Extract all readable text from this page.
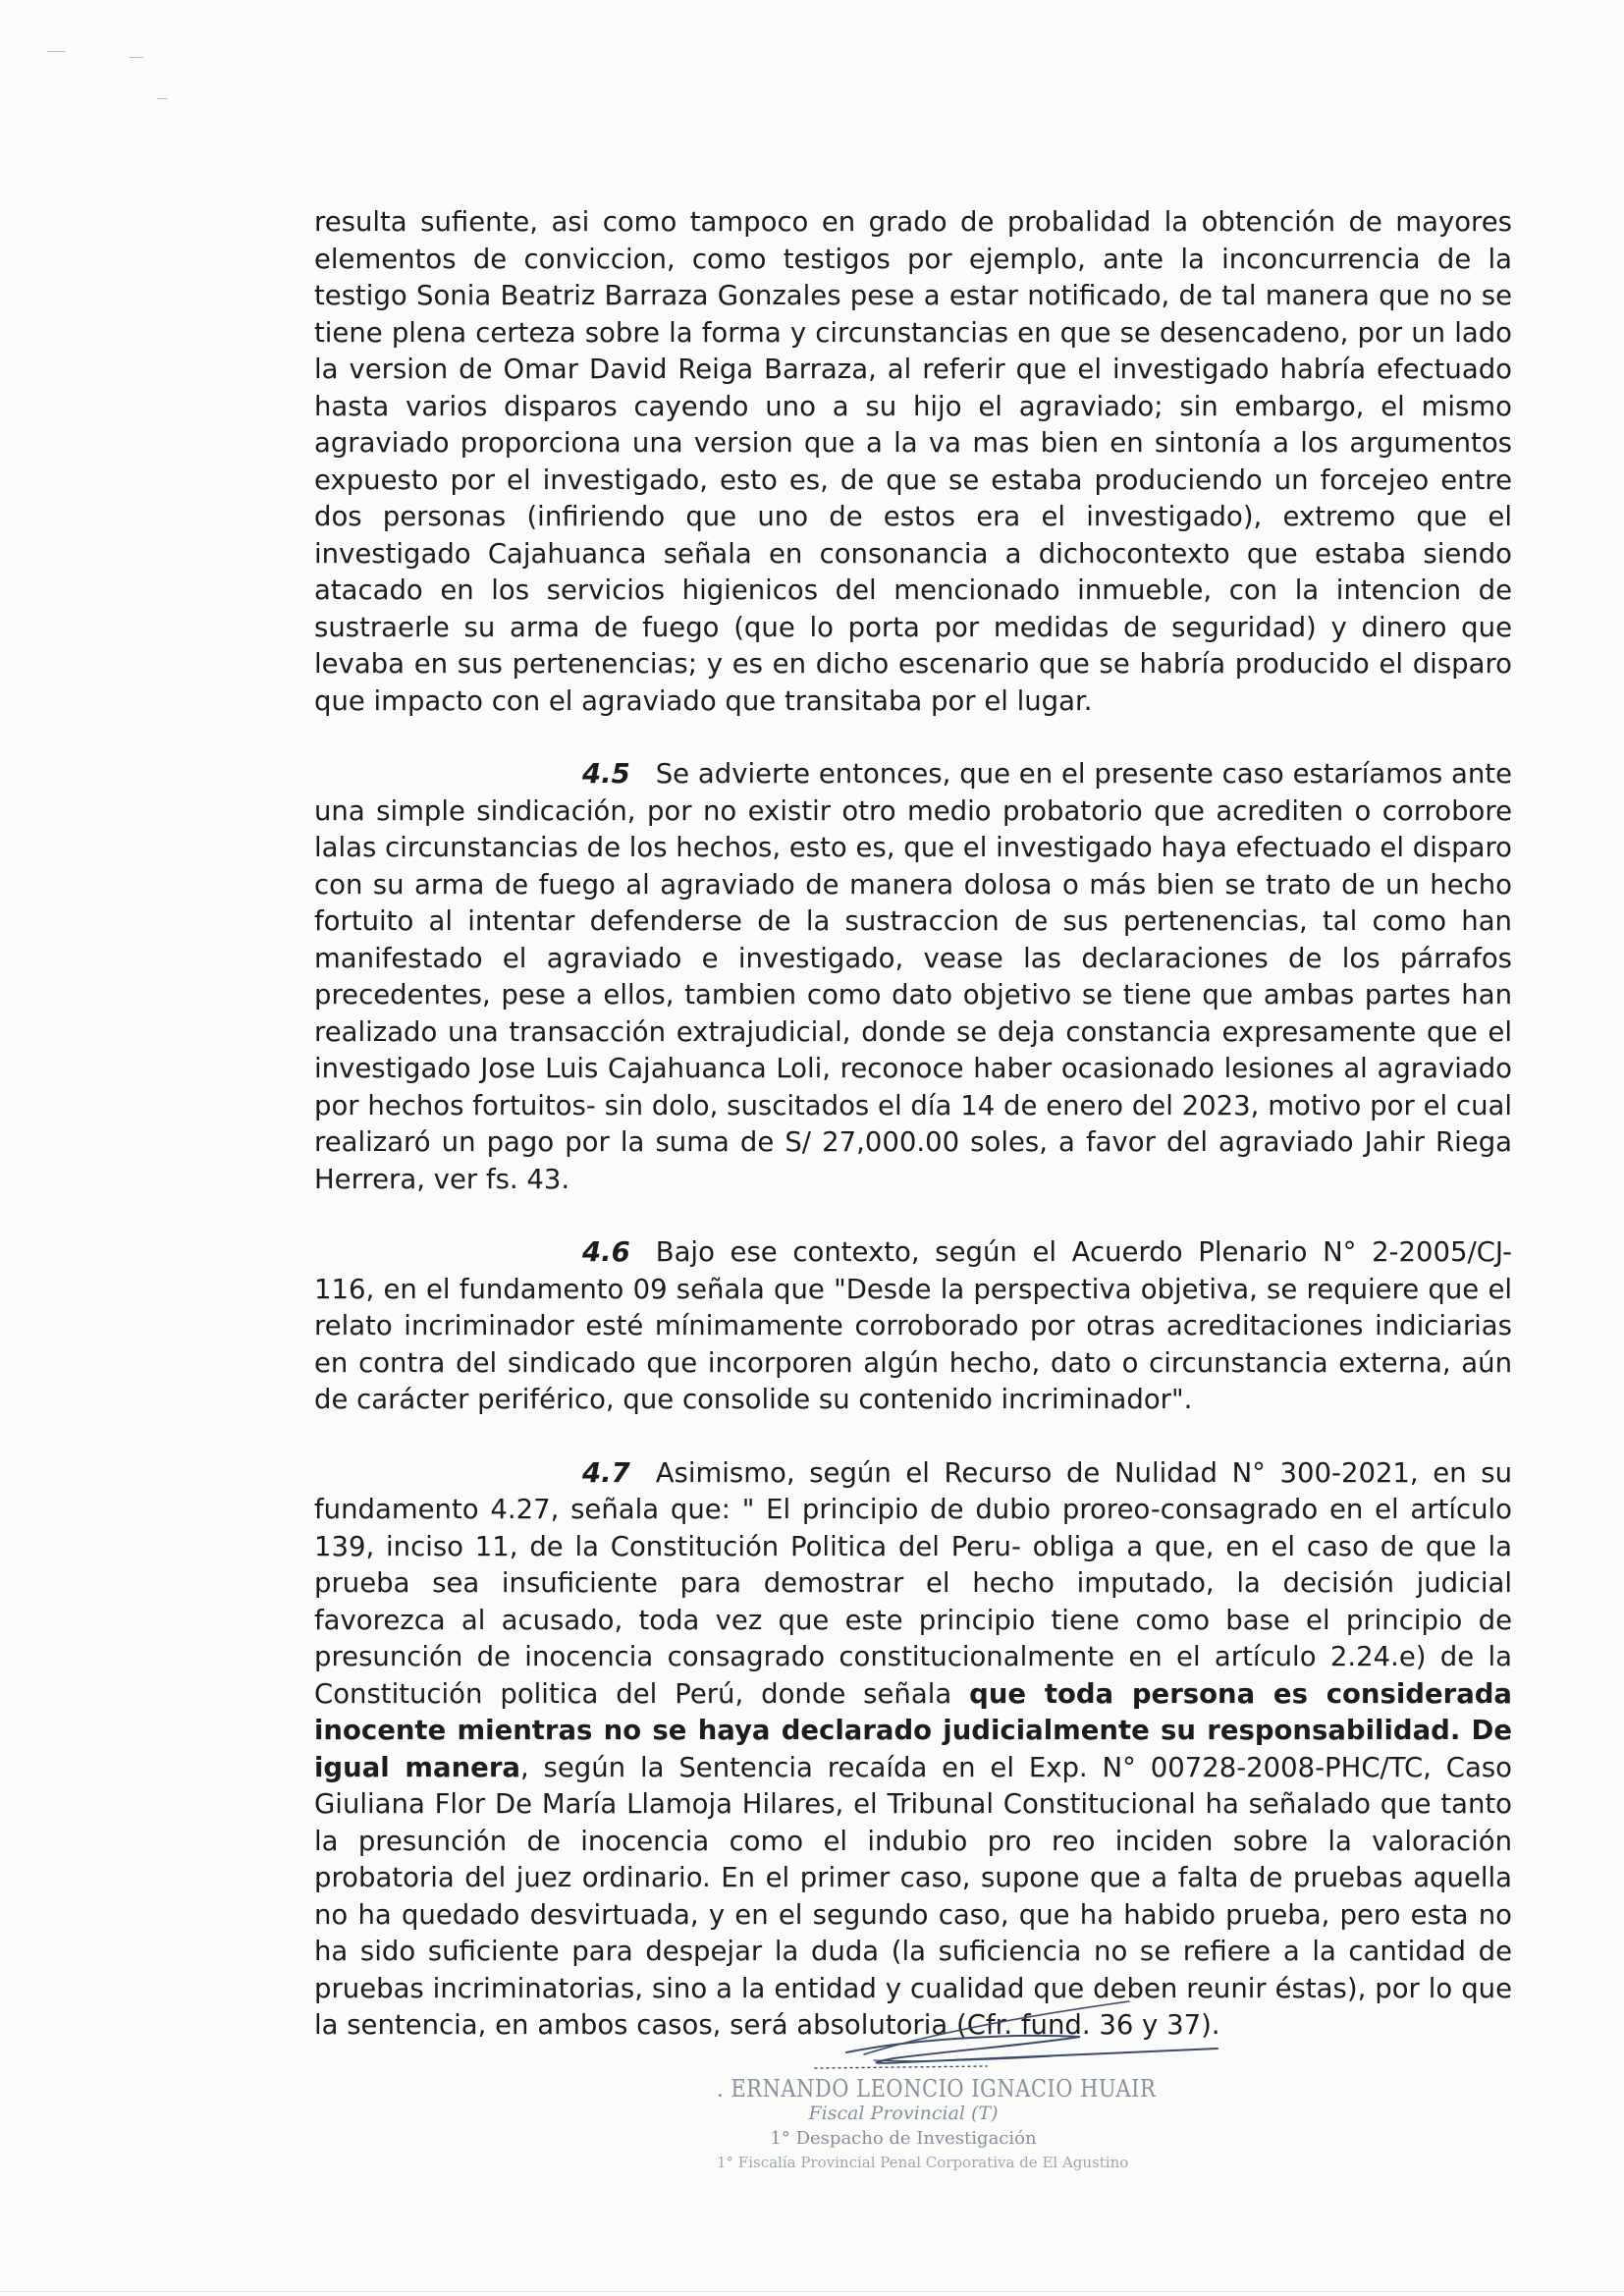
resulta sufiente, asi como tampoco en grado de probalidad la obtención de mayores elementos de conviccion, como testigos por ejemplo, ante la inconcurrencia de la testigo Sonia Beatriz Barraza Gonzales pese a estar notificado, de tal manera que no se tiene plena certeza sobre la forma y circunstancias en que se desencadeno, por un lado la version de Omar David Reiga Barraza, al referir que el investigado habría efectuado hasta varios disparos cayendo uno a su hijo el agraviado; sin embargo, el mismo agraviado proporciona una version que a la va mas bien en sintonía a los argumentos expuesto por el investigado, esto es, de que se estaba produciendo un forcejeo entre dos personas (infiriendo que uno de estos era el investigado), extremo que el investigado Cajahuanca señala en consonancia a dichocontexto que estaba siendo atacado en los servicios higienicos del mencionado inmueble, con la intencion de sustraerle su arma de fuego (que lo porta por medidas de seguridad) y dinero que levaba en sus pertenencias; y es en dicho escenario que se habría producido el disparo que impacto con el agraviado que transitaba por el lugar.

4.5 Se advierte entonces, que en el presente caso estaríamos ante una simple sindicación, por no existir otro medio probatorio que acrediten o corrobore lalas circunstancias de los hechos, esto es, que el investigado haya efectuado el disparo con su arma de fuego al agraviado de manera dolosa o más bien se trato de un hecho fortuito al intentar defenderse de la sustraccion de sus pertenencias, tal como han manifestado el agraviado e investigado, vease las declaraciones de los párrafos precedentes, pese a ellos, tambien como dato objetivo se tiene que ambas partes han realizado una transacción extrajudicial, donde se deja constancia expresamente que el investigado Jose Luis Cajahuanca Loli, reconoce haber ocasionado lesiones al agraviado por hechos fortuitos- sin dolo, suscitados el día 14 de enero del 2023, motivo por el cual realizaró un pago por la suma de S/ 27,000.00 soles, a favor del agraviado Jahir Riega Herrera, ver fs. 43.

4.6 Bajo ese contexto, según el Acuerdo Plenario N° 2-2005/CJ-116, en el fundamento 09 señala que "Desde la perspectiva objetiva, se requiere que el relato incriminador esté mínimamente corroborado por otras acreditaciones indiciarias en contra del sindicado que incorporen algún hecho, dato o circunstancia externa, aún de carácter periférico, que consolide su contenido incriminador".

4.7 Asimismo, según el Recurso de Nulidad N° 300-2021, en su fundamento 4.27, señala que: " El principio de dubio proreo-consagrado en el artículo 139, inciso 11, de la Constitución Politica del Peru- obliga a que, en el caso de que la prueba sea insuficiente para demostrar el hecho imputado, la decisión judicial favorezca al acusado, toda vez que este principio tiene como base el principio de presunción de inocencia consagrado constitucionalmente en el artículo 2.24.e) de la Constitución politica del Perú, donde señala que toda persona es considerada inocente mientras no se haya declarado judicialmente su responsabilidad. De igual manera, según la Sentencia recaída en el Exp. N° 00728-2008-PHC/TC, Caso Giuliana Flor De María Llamoja Hilares, el Tribunal Constitucional ha señalado que tanto la presunción de inocencia como el indubio pro reo inciden sobre la valoración probatoria del juez ordinario. En el primer caso, supone que a falta de pruebas aquella no ha quedado desvirtuada, y en el segundo caso, que ha habido prueba, pero esta no ha sido suficiente para despejar la duda (la suficiencia no se refiere a la cantidad de pruebas incriminatorias, sino a la entidad y cualidad que deben reunir éstas), por lo que la sentencia, en ambos casos, será absolutoria (Cfr. fund. 36 y 37).

. ERNANDO LEONCIO IGNACIO HUAIR
Fiscal Provincial (T)
1° Despacho de Investigación
1° Fiscalía Provincial Penal Corporativa de El Agustino
